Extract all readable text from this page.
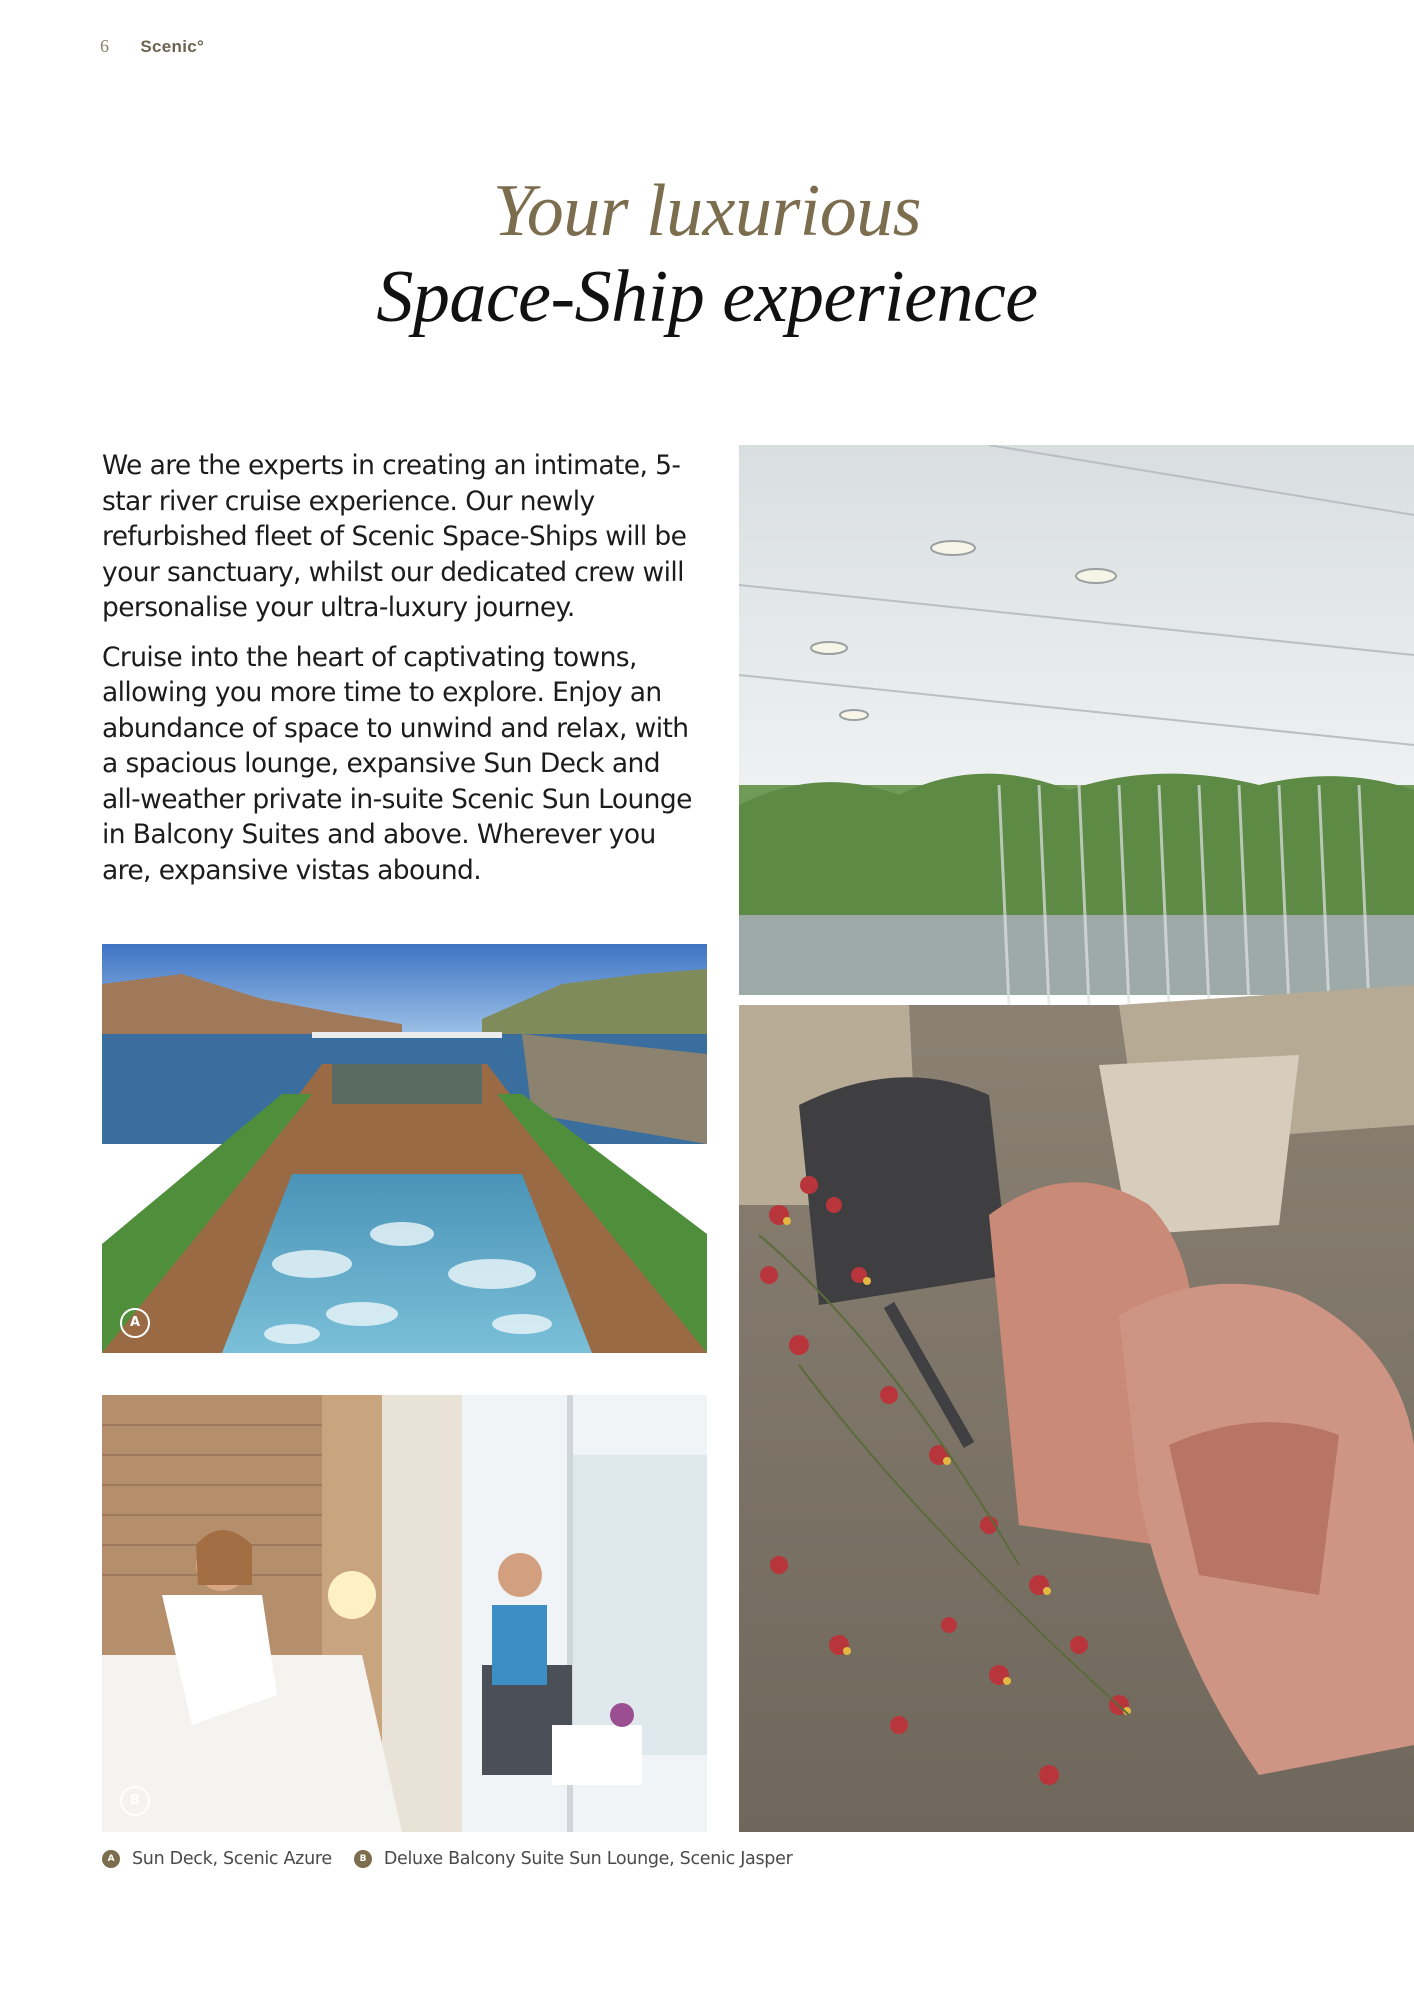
6 Scenic°
Your luxurious
Space-Ship experience

We are the experts in creating an intimate, 5-star river cruise experience. Our newly refurbished fleet of Scenic Space-Ships will be your sanctuary, whilst our dedicated crew will personalise your ultra-luxury journey.

Cruise into the heart of captivating towns, allowing you more time to explore. Enjoy an abundance of space to unwind and relax, with a spacious lounge, expansive Sun Deck and all-weather private in-suite Scenic Sun Lounge in Balcony Suites and above. Wherever you are, expansive vistas abound.

A
B
A	Sun Deck, Scenic Azure	B	Deluxe Balcony Suite Sun Lounge, Scenic Jasper
